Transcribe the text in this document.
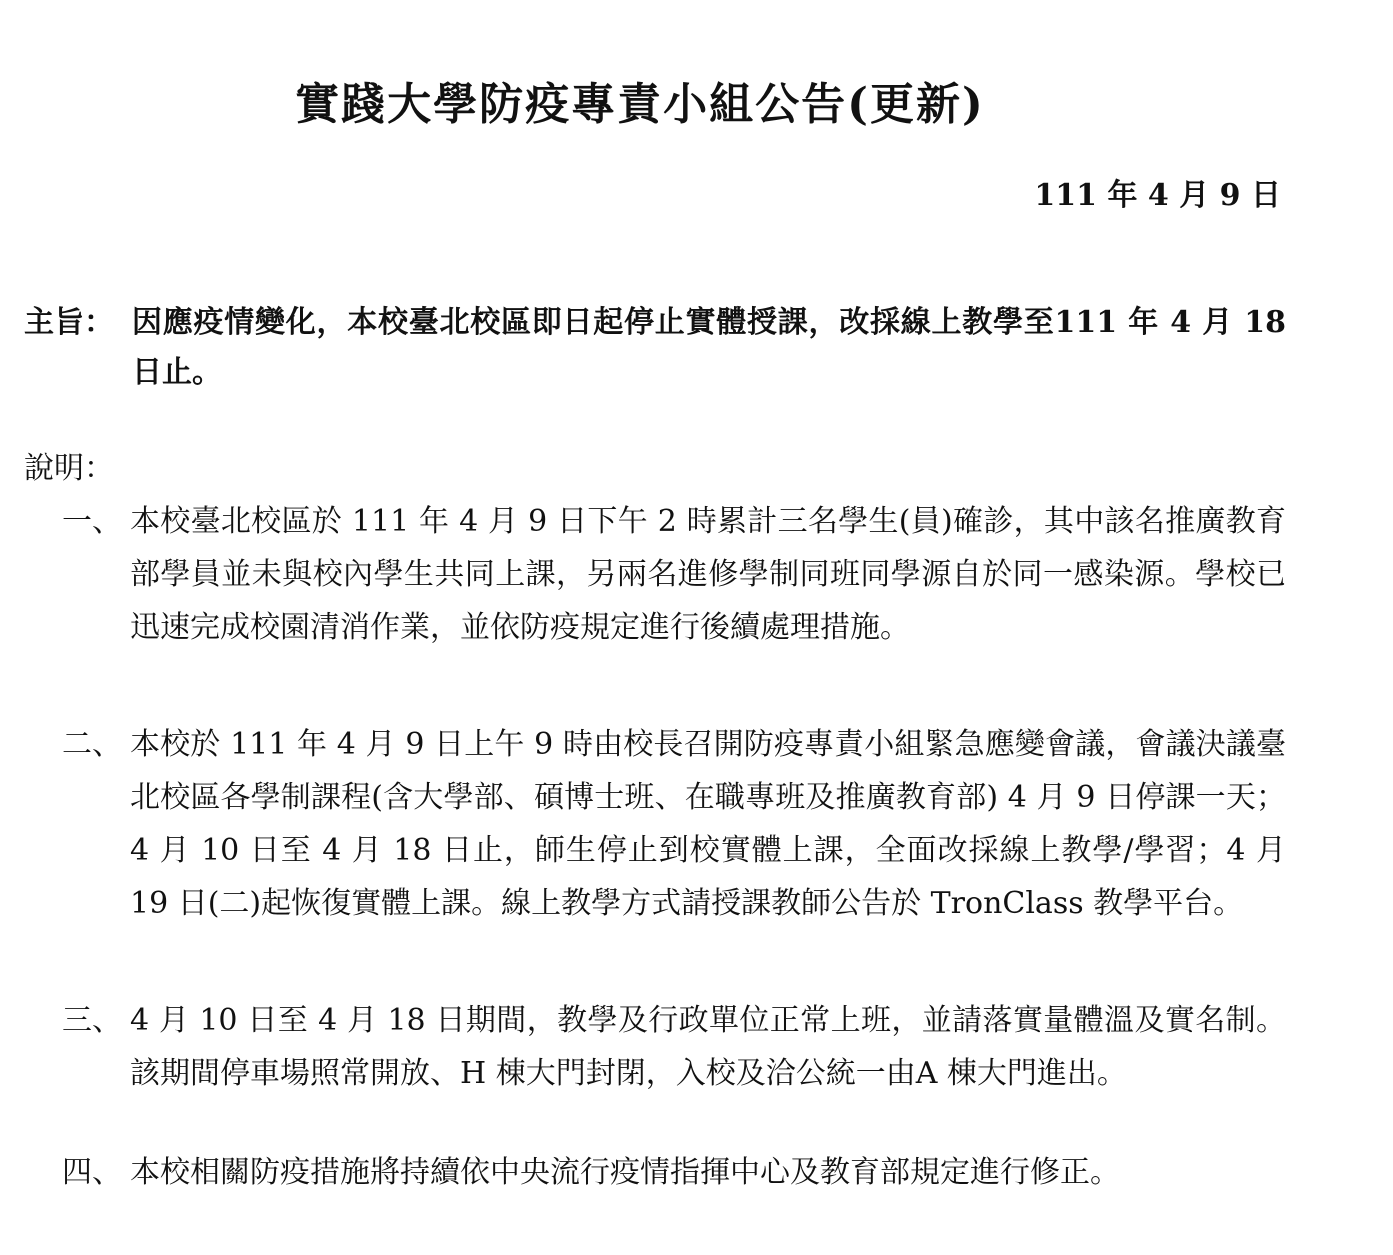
實踐大學防疫專責小組公告(更新)
111 年 4 月 9 日
主旨： 因應疫情變化，本校臺北校區即日起停止實體授課，改採線上教學至111 年 4 月 18 日止。
說明：
一、 本校臺北校區於 111 年 4 月 9 日下午 2 時累計三名學生(員)確診，其中該名推廣教育部學員並未與校內學生共同上課，另兩名進修學制同班同學源自於同一感染源。學校已迅速完成校園清消作業，並依防疫規定進行後續處理措施。
二、 本校於 111 年 4 月 9 日上午 9 時由校長召開防疫專責小組緊急應變會議，會議決議臺北校區各學制課程(含大學部、碩博士班、在職專班及推廣教育部) 4 月 9 日停課一天；4 月 10 日至 4 月 18 日止，師生停止到校實體上課，全面改採線上教學/學習；4 月 19 日(二)起恢復實體上課。線上教學方式請授課教師公告於 TronClass 教學平台。
三、 4 月 10 日至 4 月 18 日期間，教學及行政單位正常上班，並請落實量體溫及實名制。該期間停車場照常開放、H 棟大門封閉，入校及洽公統一由A 棟大門進出。
四、 本校相關防疫措施將持續依中央流行疫情指揮中心及教育部規定進行修正。
